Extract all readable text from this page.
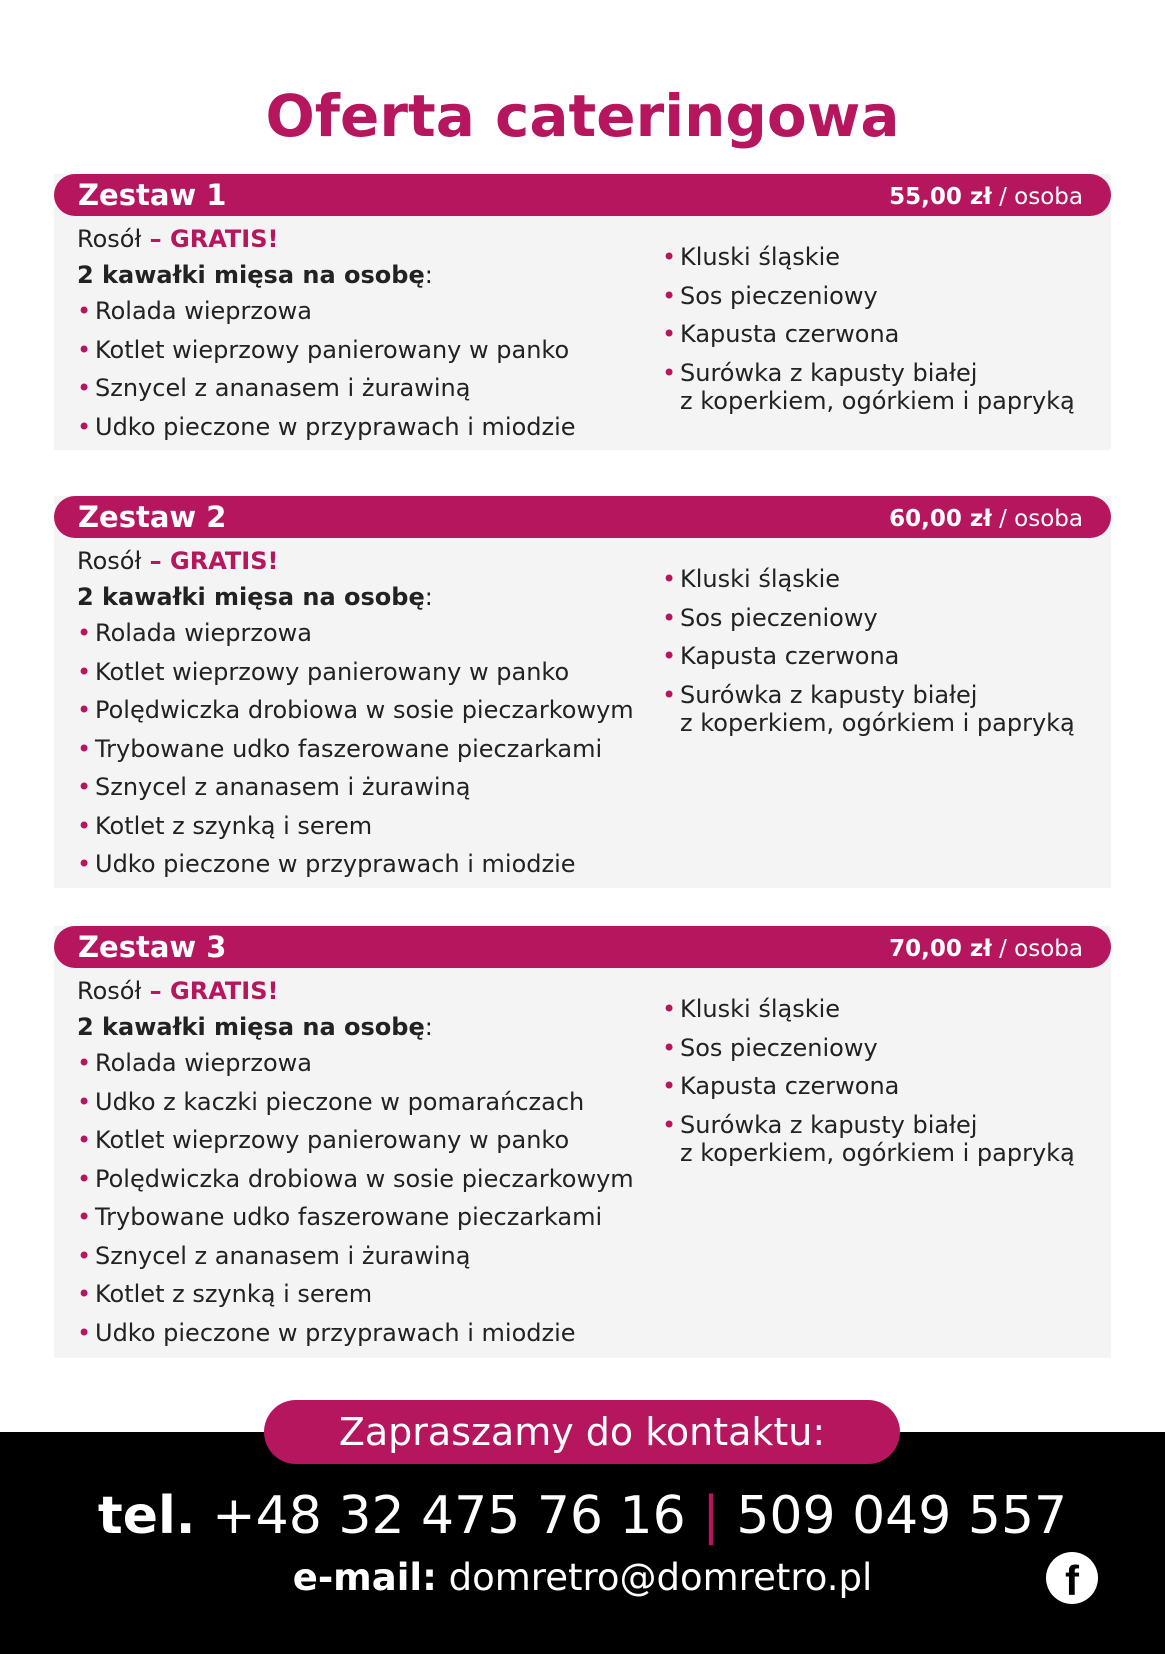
Oferta cateringowa
Zestaw 1	55,00 zł / osoba
Rosół – GRATIS!
2 kawałki mięsa na osobę:
• Rolada wieprzowa
• Kotlet wieprzowy panierowany w panko
• Sznycel z ananasem i żurawiną
• Udko pieczone w przyprawach i miodzie
• Kluski śląskie
• Sos pieczeniowy
• Kapusta czerwona
• Surówka z kapusty białej
z koperkiem, ogórkiem i papryką
Zestaw 2	60,00 zł / osoba
Rosół – GRATIS!
2 kawałki mięsa na osobę:
• Rolada wieprzowa
• Kotlet wieprzowy panierowany w panko
• Polędwiczka drobiowa w sosie pieczarkowym
• Trybowane udko faszerowane pieczarkami
• Sznycel z ananasem i żurawiną
• Kotlet z szynką i serem
• Udko pieczone w przyprawach i miodzie
• Kluski śląskie
• Sos pieczeniowy
• Kapusta czerwona
• Surówka z kapusty białej
z koperkiem, ogórkiem i papryką
Zestaw 3	70,00 zł / osoba
Rosół – GRATIS!
2 kawałki mięsa na osobę:
• Rolada wieprzowa
• Udko z kaczki pieczone w pomarańczach
• Kotlet wieprzowy panierowany w panko
• Polędwiczka drobiowa w sosie pieczarkowym
• Trybowane udko faszerowane pieczarkami
• Sznycel z ananasem i żurawiną
• Kotlet z szynką i serem
• Udko pieczone w przyprawach i miodzie
• Kluski śląskie
• Sos pieczeniowy
• Kapusta czerwona
• Surówka z kapusty białej
z koperkiem, ogórkiem i papryką
Zapraszamy do kontaktu:
tel. +48 32 475 76 16 | 509 049 557
e-mail: domretro@domretro.pl	f
